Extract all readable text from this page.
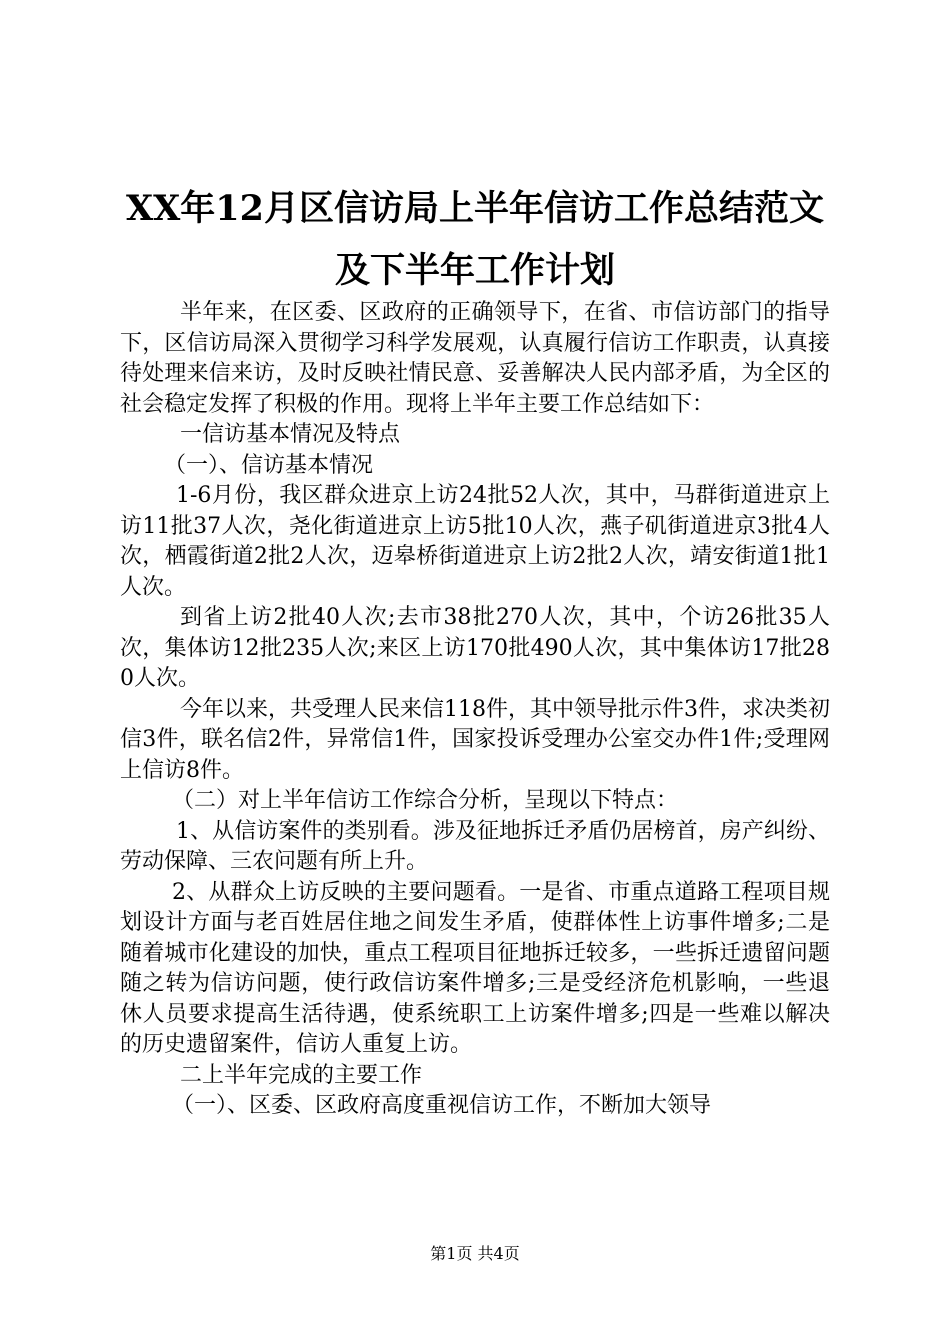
XX年12月区信访局上半年信访工作总结范文
及下半年工作计划

半年来，在区委、区政府的正确领导下，在省、市信访部门的指导下，区信访局深入贯彻学习科学发展观，认真履行信访工作职责，认真接待处理来信来访，及时反映社情民意、妥善解决人民内部矛盾，为全区的社会稳定发挥了积极的作用。现将上半年主要工作总结如下：

一信访基本情况及特点

（一）、信访基本情况

1-6月份，我区群众进京上访24批52人次，其中，马群街道进京上访11批37人次，尧化街道进京上访5批10人次，燕子矶街道进京3批4人次，栖霞街道2批2人次，迈皋桥街道进京上访2批2人次，靖安街道1批1人次。

到省上访2批40人次;去市38批270人次，其中，个访26批35人次，集体访12批235人次;来区上访170批490人次，其中集体访17批280人次。

今年以来，共受理人民来信118件，其中领导批示件3件，求决类初信3件，联名信2件，异常信1件，国家投诉受理办公室交办件1件;受理网上信访8件。

（二）对上半年信访工作综合分析，呈现以下特点：

1、从信访案件的类别看。涉及征地拆迁矛盾仍居榜首，房产纠纷、劳动保障、三农问题有所上升。

2、从群众上访反映的主要问题看。一是省、市重点道路工程项目规划设计方面与老百姓居住地之间发生矛盾，使群体性上访事件增多;二是随着城市化建设的加快，重点工程项目征地拆迁较多，一些拆迁遗留问题随之转为信访问题，使行政信访案件增多;三是受经济危机影响，一些退休人员要求提高生活待遇，使系统职工上访案件增多;四是一些难以解决的历史遗留案件，信访人重复上访。

二上半年完成的主要工作

（一）、区委、区政府高度重视信访工作，不断加大领导

第1页 共4页
